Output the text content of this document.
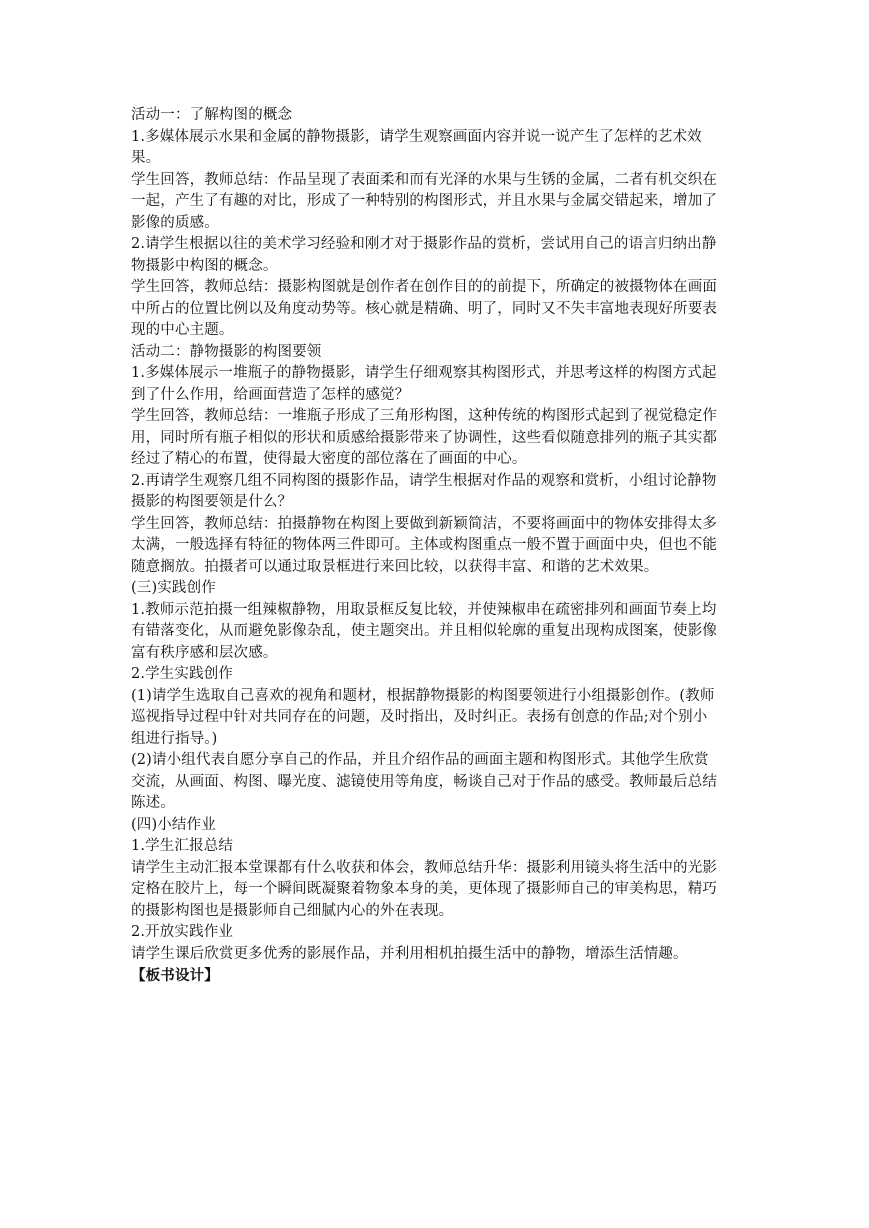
活动一：了解构图的概念
1.多媒体展示水果和金属的静物摄影，请学生观察画面内容并说一说产生了怎样的艺术效
果。
学生回答，教师总结：作品呈现了表面柔和而有光泽的水果与生锈的金属，二者有机交织在
一起，产生了有趣的对比，形成了一种特别的构图形式，并且水果与金属交错起来，增加了
影像的质感。
2.请学生根据以往的美术学习经验和刚才对于摄影作品的赏析，尝试用自己的语言归纳出静
物摄影中构图的概念。
学生回答，教师总结：摄影构图就是创作者在创作目的的前提下，所确定的被摄物体在画面
中所占的位置比例以及角度动势等。核心就是精确、明了，同时又不失丰富地表现好所要表
现的中心主题。
活动二：静物摄影的构图要领
1.多媒体展示一堆瓶子的静物摄影，请学生仔细观察其构图形式，并思考这样的构图方式起
到了什么作用，给画面营造了怎样的感觉？
学生回答，教师总结：一堆瓶子形成了三角形构图，这种传统的构图形式起到了视觉稳定作
用，同时所有瓶子相似的形状和质感给摄影带来了协调性，这些看似随意排列的瓶子其实都
经过了精心的布置，使得最大密度的部位落在了画面的中心。
2.再请学生观察几组不同构图的摄影作品，请学生根据对作品的观察和赏析，小组讨论静物
摄影的构图要领是什么？
学生回答，教师总结：拍摄静物在构图上要做到新颖简洁，不要将画面中的物体安排得太多
太满，一般选择有特征的物体两三件即可。主体或构图重点一般不置于画面中央，但也不能
随意搁放。拍摄者可以通过取景框进行来回比较，以获得丰富、和谐的艺术效果。
(三)实践创作
1.教师示范拍摄一组辣椒静物，用取景框反复比较，并使辣椒串在疏密排列和画面节奏上均
有错落变化，从而避免影像杂乱，使主题突出。并且相似轮廓的重复出现构成图案，使影像
富有秩序感和层次感。
2.学生实践创作
(1)请学生选取自己喜欢的视角和题材，根据静物摄影的构图要领进行小组摄影创作。(教师
巡视指导过程中针对共同存在的问题，及时指出，及时纠正。表扬有创意的作品;对个别小
组进行指导。)
(2)请小组代表自愿分享自己的作品，并且介绍作品的画面主题和构图形式。其他学生欣赏
交流，从画面、构图、曝光度、滤镜使用等角度，畅谈自己对于作品的感受。教师最后总结
陈述。
(四)小结作业
1.学生汇报总结
请学生主动汇报本堂课都有什么收获和体会，教师总结升华：摄影利用镜头将生活中的光影
定格在胶片上，每一个瞬间既凝聚着物象本身的美，更体现了摄影师自己的审美构思，精巧
的摄影构图也是摄影师自己细腻内心的外在表现。
2.开放实践作业
请学生课后欣赏更多优秀的影展作品，并利用相机拍摄生活中的静物，增添生活情趣。
【板书设计】
